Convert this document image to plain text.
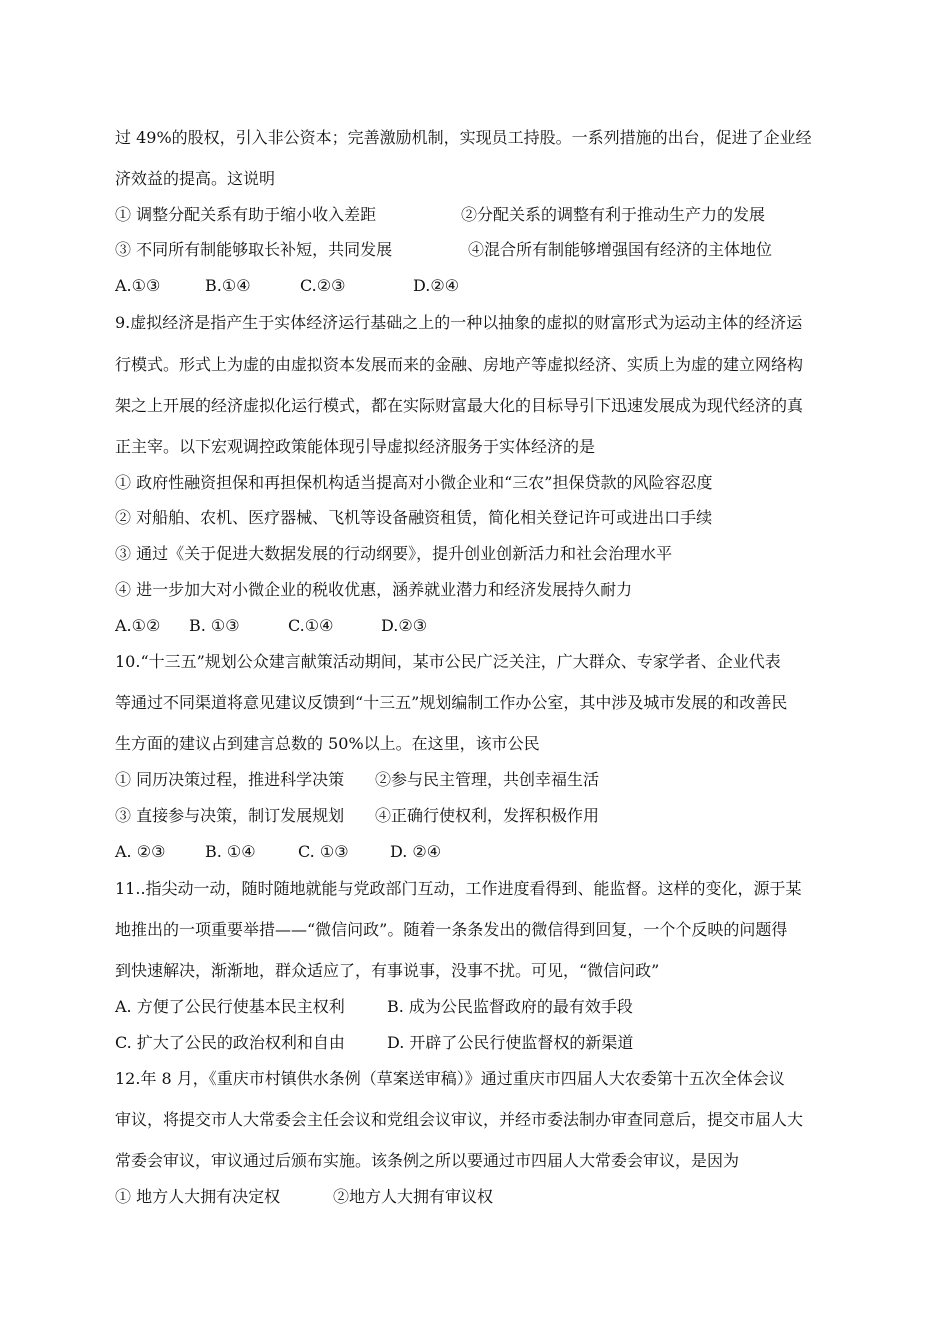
过 49%的股权，引入非公资本；完善激励机制，实现员工持股。一系列措施的出台，促进了企业经
济效益的提高。这说明
① 调整分配关系有助于缩小收入差距	②分配关系的调整有利于推动生产力的发展
③ 不同所有制能够取长补短，共同发展	④混合所有制能够增强国有经济的主体地位
A.①③	B.①④	C.②③	D.②④
9.虚拟经济是指产生于实体经济运行基础之上的一种以抽象的虚拟的财富形式为运动主体的经济运
行模式。形式上为虚的由虚拟资本发展而来的金融、房地产等虚拟经济、实质上为虚的建立网络构
架之上开展的经济虚拟化运行模式，都在实际财富最大化的目标导引下迅速发展成为现代经济的真
正主宰。以下宏观调控政策能体现引导虚拟经济服务于实体经济的是
① 政府性融资担保和再担保机构适当提高对小微企业和“三农”担保贷款的风险容忍度
② 对船舶、农机、医疗器械、飞机等设备融资租赁，简化相关登记许可或进出口手续
③ 通过《关于促进大数据发展的行动纲要》，提升创业创新活力和社会治理水平
④ 进一步加大对小微企业的税收优惠，涵养就业潜力和经济发展持久耐力
A.①② B. ①③	C.①④	D.②③
10.“十三五”规划公众建言献策活动期间，某市公民广泛关注，广大群众、专家学者、企业代表
等通过不同渠道将意见建议反馈到“十三五”规划编制工作办公室，其中涉及城市发展的和改善民
生方面的建议占到建言总数的 50%以上。在这里，该市公民
① 同历决策过程，推进科学决策 ②参与民主管理，共创幸福生活
③ 直接参与决策，制订发展规划 ④正确行使权利，发挥积极作用
A. ②③ B. ①④	C. ①③	D. ②④
11..指尖动一动，随时随地就能与党政部门互动，工作进度看得到、能监督。这样的变化，源于某
地推出的一项重要举措——“微信问政”。随着一条条发出的微信得到回复，一个个反映的问题得
到快速解决，渐渐地，群众适应了，有事说事，没事不扰。可见，“微信问政”
A. 方便了公民行使基本民主权利	B. 成为公民监督政府的最有效手段
C. 扩大了公民的政治权利和自由	D. 开辟了公民行使监督权的新渠道
12.年 8 月，《重庆市村镇供水条例（草案送审稿）》通过重庆市四届人大农委第十五次全体会议
审议，将提交市人大常委会主任会议和党组会议审议，并经市委法制办审查同意后，提交市届人大
常委会审议，审议通过后颁布实施。该条例之所以要通过市四届人大常委会审议，是因为
① 地方人大拥有决定权	②地方人大拥有审议权
